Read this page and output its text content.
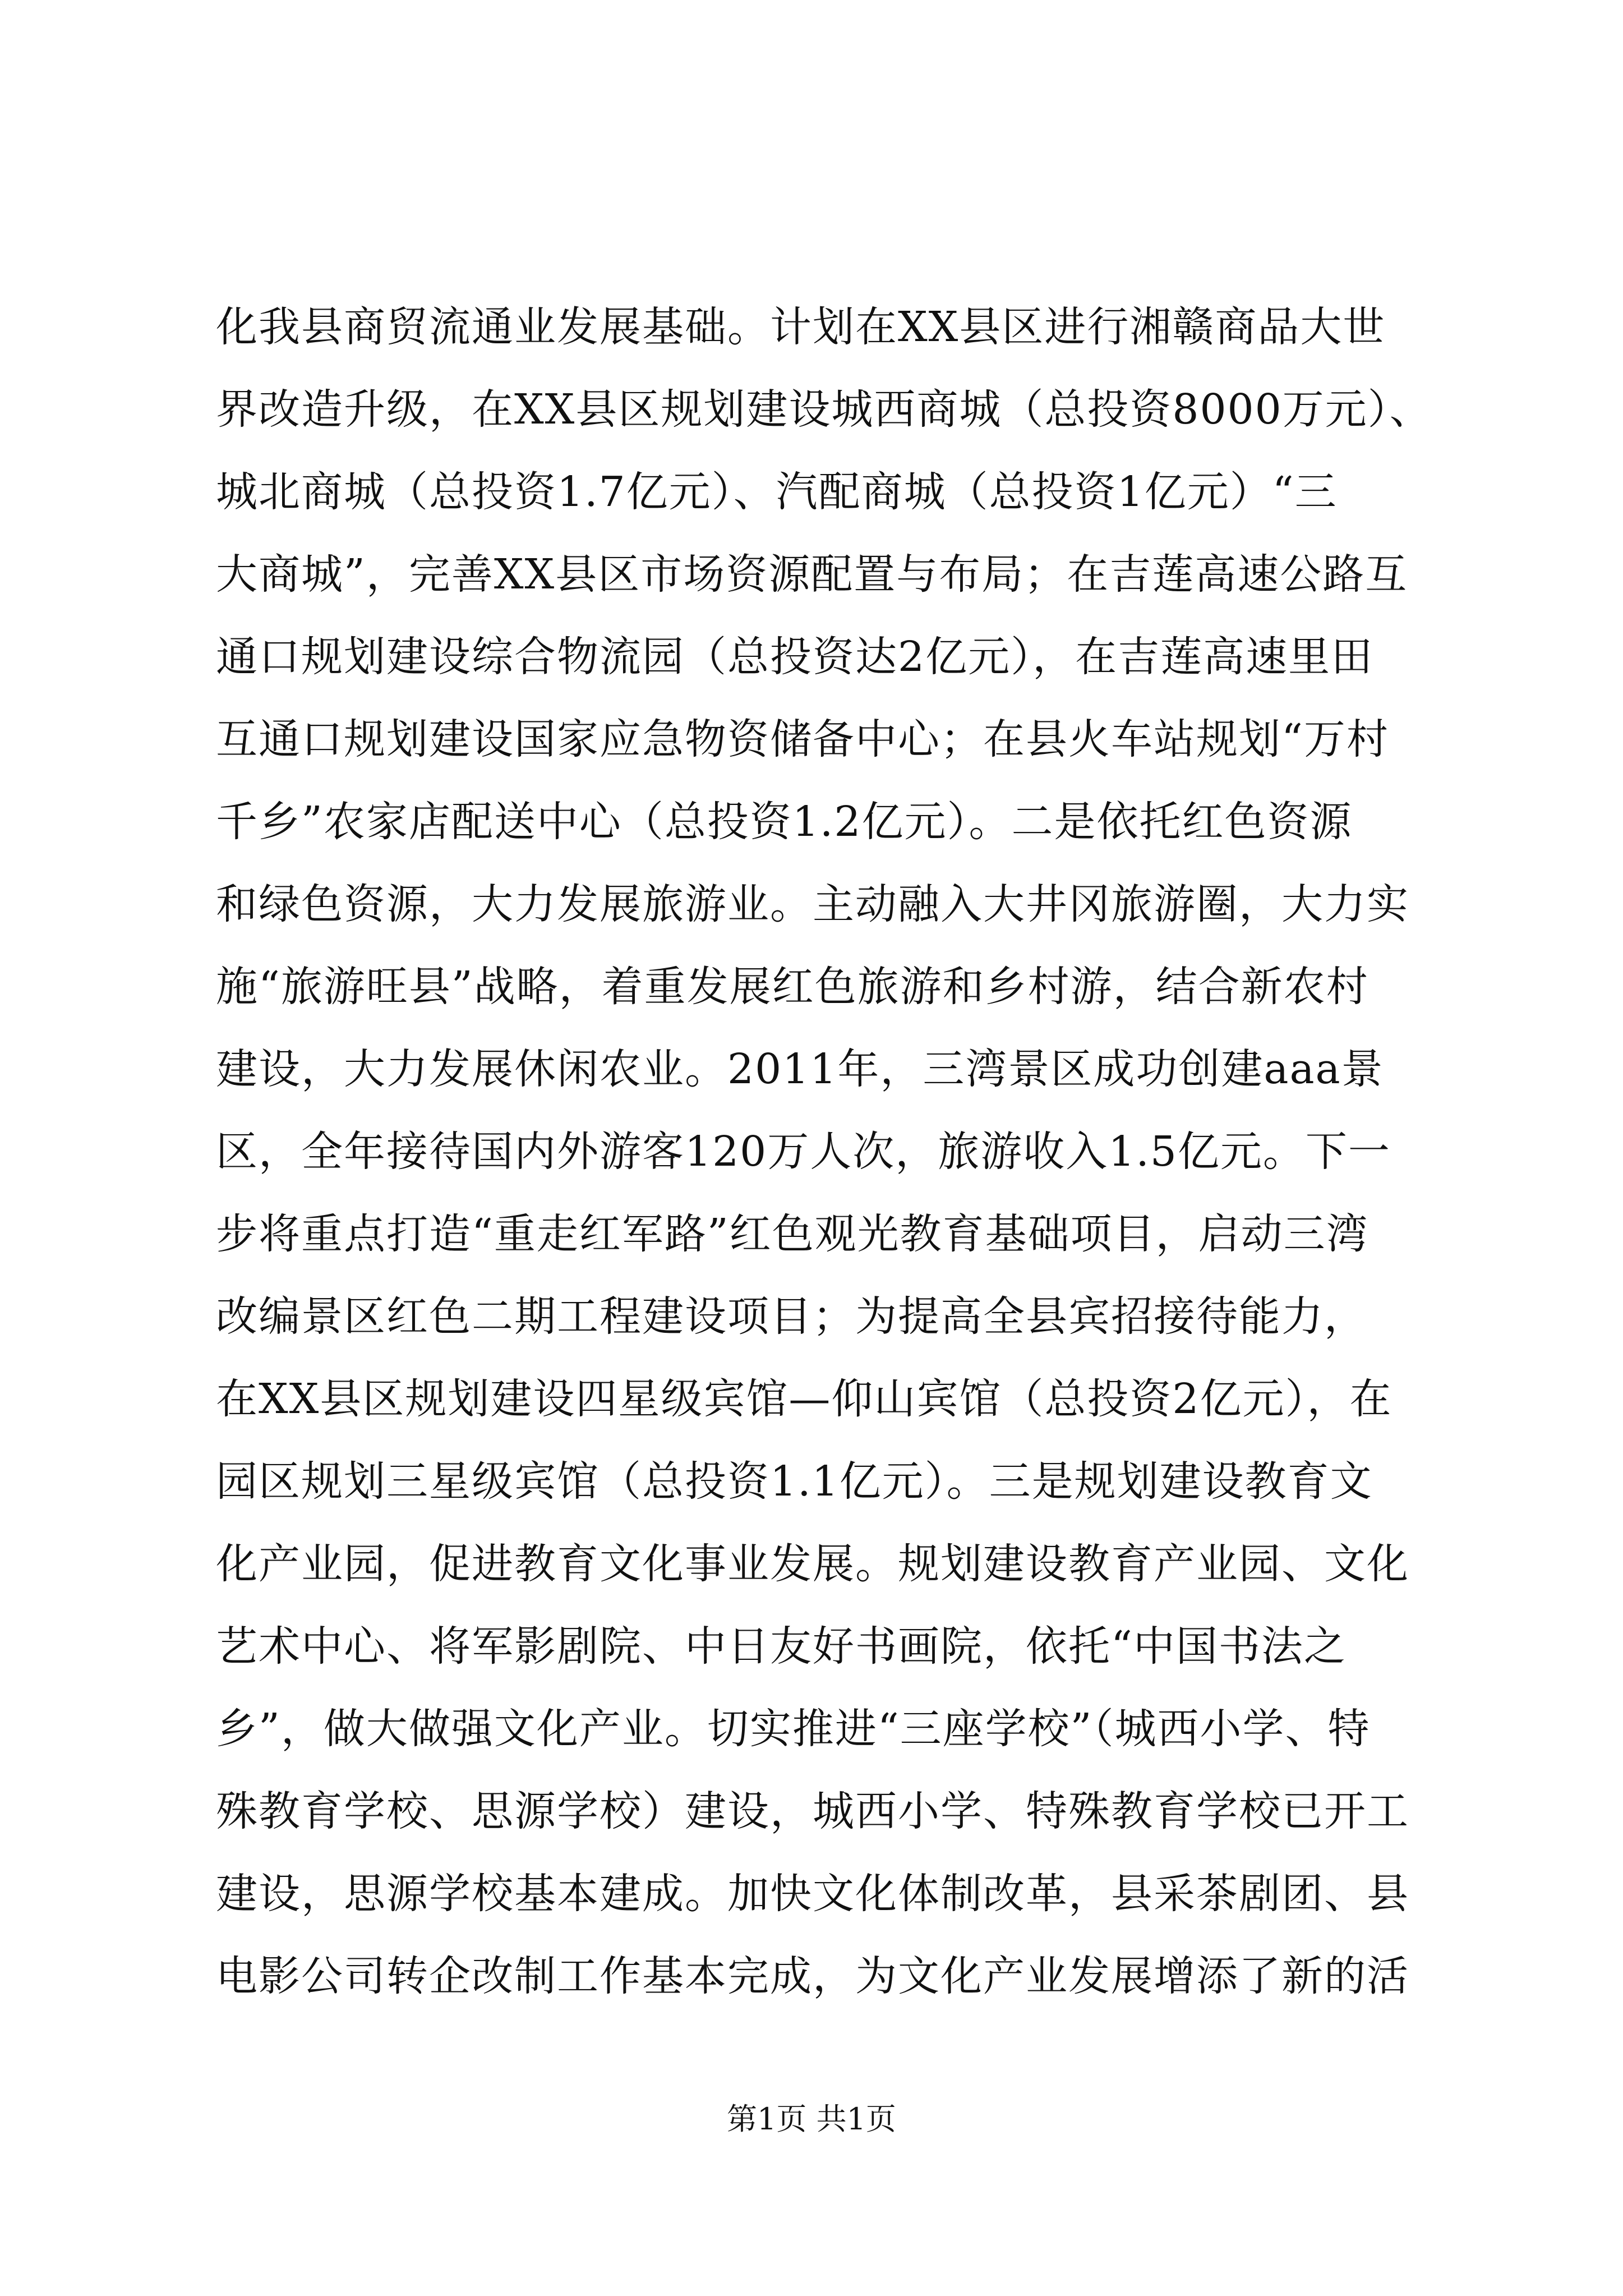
化我县商贸流通业发展基础。计划在XX县区进行湘赣商品大世
界改造升级，在XX县区规划建设城西商城（总投资8000万元）、
城北商城（总投资1.7亿元）、汽配商城（总投资1亿元）“三
大商城”，完善XX县区市场资源配置与布局；在吉莲高速公路互
通口规划建设综合物流园（总投资达2亿元），在吉莲高速里田
互通口规划建设国家应急物资储备中心；在县火车站规划“万村
千乡”农家店配送中心（总投资1.2亿元）。二是依托红色资源
和绿色资源，大力发展旅游业。主动融入大井冈旅游圈，大力实
施“旅游旺县”战略，着重发展红色旅游和乡村游，结合新农村
建设，大力发展休闲农业。2011年，三湾景区成功创建aaa景
区，全年接待国内外游客120万人次，旅游收入1.5亿元。下一
步将重点打造“重走红军路”红色观光教育基础项目，启动三湾
改编景区红色二期工程建设项目；为提高全县宾招接待能力，
在XX县区规划建设四星级宾馆—仰山宾馆（总投资2亿元），在
园区规划三星级宾馆（总投资1.1亿元）。三是规划建设教育文
化产业园，促进教育文化事业发展。规划建设教育产业园、文化
艺术中心、将军影剧院、中日友好书画院，依托“中国书法之
乡”，做大做强文化产业。切实推进“三座学校”（城西小学、特
殊教育学校、思源学校）建设，城西小学、特殊教育学校已开工
建设，思源学校基本建成。加快文化体制改革，县采茶剧团、县
电影公司转企改制工作基本完成，为文化产业发展增添了新的活
第1页 共1页
